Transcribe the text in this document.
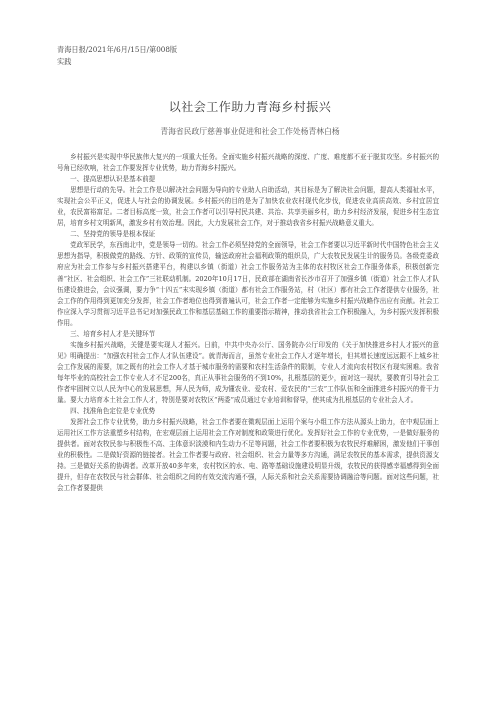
青海日报/2021年/6月/15日/第008版
实践
以社会工作助力青海乡村振兴
青海省民政厅慈善事业促进和社会工作处杨青林白杨

乡村振兴是实现中华民族伟大复兴的一项重大任务。全面实施乡村振兴战略的深度、广度、难度都不亚于脱贫攻坚。乡村振兴的号角已经吹响，社会工作要发挥专业优势，助力青海乡村振兴。

一、提高思想认识是基本前提

思想是行动的先导。社会工作是以解决社会问题为导向的专业助人自助活动，其目标是为了解决社会问题，提高人类福祉水平，实现社会公平正义，促进人与社会的协调发展。乡村振兴的目的是为了加快农业农村现代化步伐，促进农业高质高效、乡村宜居宜业，农民富裕富足。二者目标高度一致，社会工作者可以引导村民共建、共治、共享美丽乡村，助力乡村经济发展，促进乡村生态宜居，培育乡村文明新风，激发乡村有效治理。因此，大力发展社会工作，对于推动我省乡村振兴战略意义重大。

二、坚持党的领导是根本保证

党政军民学，东西南北中，党是领导一切的。社会工作必须坚持党的全面领导，社会工作者要以习近平新时代中国特色社会主义思想为指导，积极做党的路线、方针、政策的宣传员，输送政府社会福利政策的组织员，广大农牧民发展生计的服务员。各级党委政府应为社会工作参与乡村振兴搭建平台，构建以乡镇（街道）社会工作服务站为主体的农村牧区社会工作服务体系，积极创新完善“社区、社会组织、社会工作”三社联动机制。2020年10月17日，民政部在湖南省长沙市召开了加强乡镇（街道）社会工作人才队伍建设推进会，会议强调，要力争“十四五”末实现乡镇（街道）都有社会工作服务站，村（社区）都有社会工作者提供专业服务，社会工作的作用得到更加充分发挥，社会工作者地位也得到普遍认可，社会工作者一定能够为实施乡村振兴战略作出应有贡献。社会工作应深入学习贯彻习近平总书记对加强民政工作和基层基础工作的重要指示精神，推动我省社会工作积极融入，为乡村振兴发挥积极作用。

三、培育乡村人才是关键环节

实施乡村振兴战略，关键是要实现人才振兴。日前，中共中央办公厅、国务院办公厅印发的《关于加快推进乡村人才振兴的意见》明确提出：“加强农村社会工作人才队伍建设”。就青海而言，虽然专业社会工作人才逐年增长，但其增长速度远远跟不上城乡社会工作发展的需要，加之既有的社会工作人才基于城市服务的需要和农村生活条件的限制，专业人才流向农村牧区有现实困难。我省每年毕业的高校社会工作专业人才不足200名，真正从事社会服务的不到10%，扎根基层的更少，面对这一现状，要教育引导社会工作者牢固树立以人民为中心的发展思想，拜人民为师，成为懂农业、爱农村、爱农民的“三农”工作队伍和全面推进乡村振兴的骨干力量。要大力培育本土社会工作人才，特别是要对农牧区“两委”成员通过专业培训和督导，使其成为扎根基层的专业社会人才。

四、找准角色定位是专业优势

发挥社会工作专业优势，助力乡村振兴战略，社会工作者要在微观层面上运用个案与小组工作方法从源头上助力，在中观层面上运用社区工作方法重塑乡村结构，在宏观层面上运用社会工作对制度和政策进行优化。发挥好社会工作的专业优势，一是做好服务的提供者。面对农牧民参与积极性不高、主体意识淡漠和内生动力不足等问题，社会工作者要积极为农牧民纾难解困，激发他们干事创业的积极性。二是做好资源的链接者。社会工作者要与政府、社会组织、社会力量等多方沟通，满足农牧民的基本需求，提供资源支持。三是做好关系的协调者。改革开放40多年来，农村牧区的水、电、路等基础设施建设明显升级，农牧民的获得感幸福感得到全面提升，但存在农牧民与社会群体、社会组织之间的有效交流沟通不强，人际关系和社会关系需要协调融洽等问题。面对这些问题，社会工作者要提供
